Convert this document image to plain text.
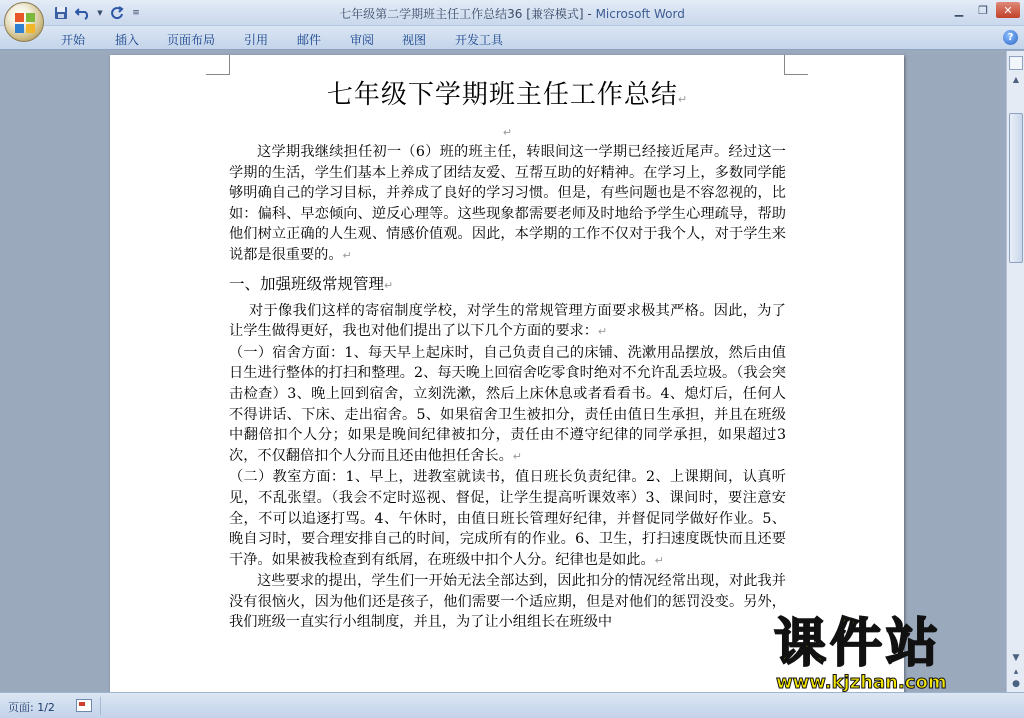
▼	≡	七年级第二学期班主任工作总结36 [兼容模式] - Microsoft Word	▁	❐	✕
开始 插入 页面布局 引用 邮件 审阅 视图 开发工具	?
七年级下学期班主任工作总结↵
↵

这学期我继续担任初一（6）班的班主任，转眼间这一学期已经接近尾声。经过这一学期的生活，学生们基本上养成了团结友爱、互帮互助的好精神。在学习上，多数同学能够明确自己的学习目标，并养成了良好的学习习惯。但是，有些问题也是不容忽视的，比如：偏科、早恋倾向、逆反心理等。这些现象都需要老师及时地给予学生心理疏导，帮助他们树立正确的人生观、情感价值观。因此，本学期的工作不仅对于我个人，对于学生来说都是很重要的。↵

一、加强班级常规管理↵

对于像我们这样的寄宿制度学校，对学生的常规管理方面要求极其严格。因此，为了让学生做得更好，我也对他们提出了以下几个方面的要求：↵

（一）宿舍方面：1、每天早上起床时，自己负责自己的床铺、洗漱用品摆放，然后由值日生进行整体的打扫和整理。2、每天晚上回宿舍吃零食时绝对不允许乱丢垃圾。（我会突击检查）3、晚上回到宿舍，立刻洗漱，然后上床休息或者看看书。4、熄灯后，任何人不得讲话、下床、走出宿舍。5、如果宿舍卫生被扣分，责任由值日生承担，并且在班级中翻倍扣个人分；如果是晚间纪律被扣分，责任由不遵守纪律的同学承担，如果超过3次，不仅翻倍扣个人分而且还由他担任舍长。↵

（二）教室方面：1、早上，进教室就读书，值日班长负责纪律。2、上课期间，认真听见，不乱张望。（我会不定时巡视、督促，让学生提高听课效率）3、课间时，要注意安全，不可以追逐打骂。4、午休时，由值日班长管理好纪律，并督促同学做好作业。5、晚自习时，要合理安排自己的时间，完成所有的作业。6、卫生，打扫速度既快而且还要干净。如果被我检查到有纸屑，在班级中扣个人分。纪律也是如此。↵

这些要求的提出，学生们一开始无法全部达到，因此扣分的情况经常出现，对此我并没有很恼火，因为他们还是孩子，他们需要一个适应期，但是对他们的惩罚没变。另外，我们班级一直实行小组制度，并且，为了让小组组长在班级中

▲
▼
▴
●
页面: 1/2
课件站
www.kjzhan.com
